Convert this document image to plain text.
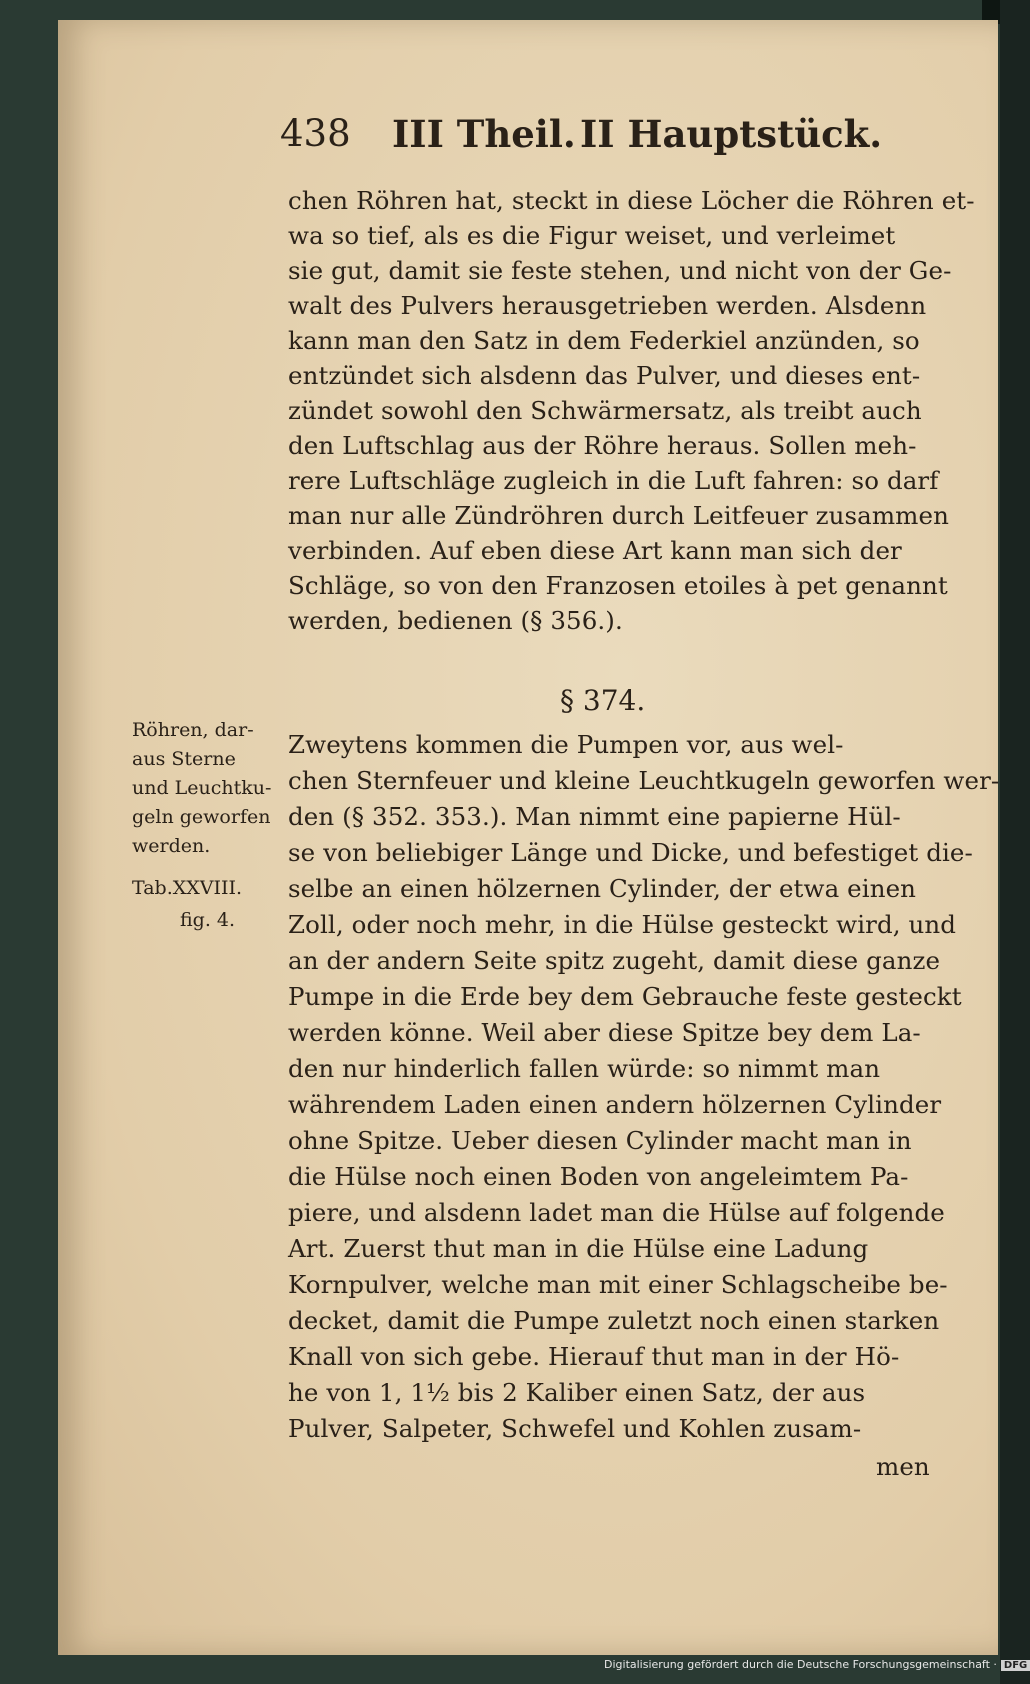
438 III Theil. II Hauptstück.
chen Röhren hat, steckt in diese Löcher die Röhren et-
wa so tief, als es die Figur weiset, und verleimet
sie gut, damit sie feste stehen, und nicht von der Ge-
walt des Pulvers herausgetrieben werden. Alsdenn
kann man den Satz in dem Federkiel anzünden, so
entzündet sich alsdenn das Pulver, und dieses ent-
zündet sowohl den Schwärmersatz, als treibt auch
den Luftschlag aus der Röhre heraus. Sollen meh-
rere Luftschläge zugleich in die Luft fahren: so darf
man nur alle Zündröhren durch Leitfeuer zusammen
verbinden. Auf eben diese Art kann man sich der
Schläge, so von den Franzosen etoiles à pet genannt
werden, bedienen (§ 356.).
§ 374.
Röhren, dar-
aus Sterne
und Leuchtku-
geln geworfen
werden.
Tab.XXVIII.
fig. 4.
Zweytens kommen die Pumpen vor, aus wel-
chen Sternfeuer und kleine Leuchtkugeln geworfen wer-
den (§ 352. 353.). Man nimmt eine papierne Hül-
se von beliebiger Länge und Dicke, und befestiget die-
selbe an einen hölzernen Cylinder, der etwa einen
Zoll, oder noch mehr, in die Hülse gesteckt wird, und
an der andern Seite spitz zugeht, damit diese ganze
Pumpe in die Erde bey dem Gebrauche feste gesteckt
werden könne. Weil aber diese Spitze bey dem La-
den nur hinderlich fallen würde: so nimmt man
währendem Laden einen andern hölzernen Cylinder
ohne Spitze. Ueber diesen Cylinder macht man in
die Hülse noch einen Boden von angeleimtem Pa-
piere, und alsdenn ladet man die Hülse auf folgende
Art. Zuerst thut man in die Hülse eine Ladung
Kornpulver, welche man mit einer Schlagscheibe be-
decket, damit die Pumpe zuletzt noch einen starken
Knall von sich gebe. Hierauf thut man in der Hö-
he von 1, 1½ bis 2 Kaliber einen Satz, der aus
Pulver, Salpeter, Schwefel und Kohlen zusam-
men
Digitalisierung gefördert durch die Deutsche Forschungsgemeinschaft · DFG
